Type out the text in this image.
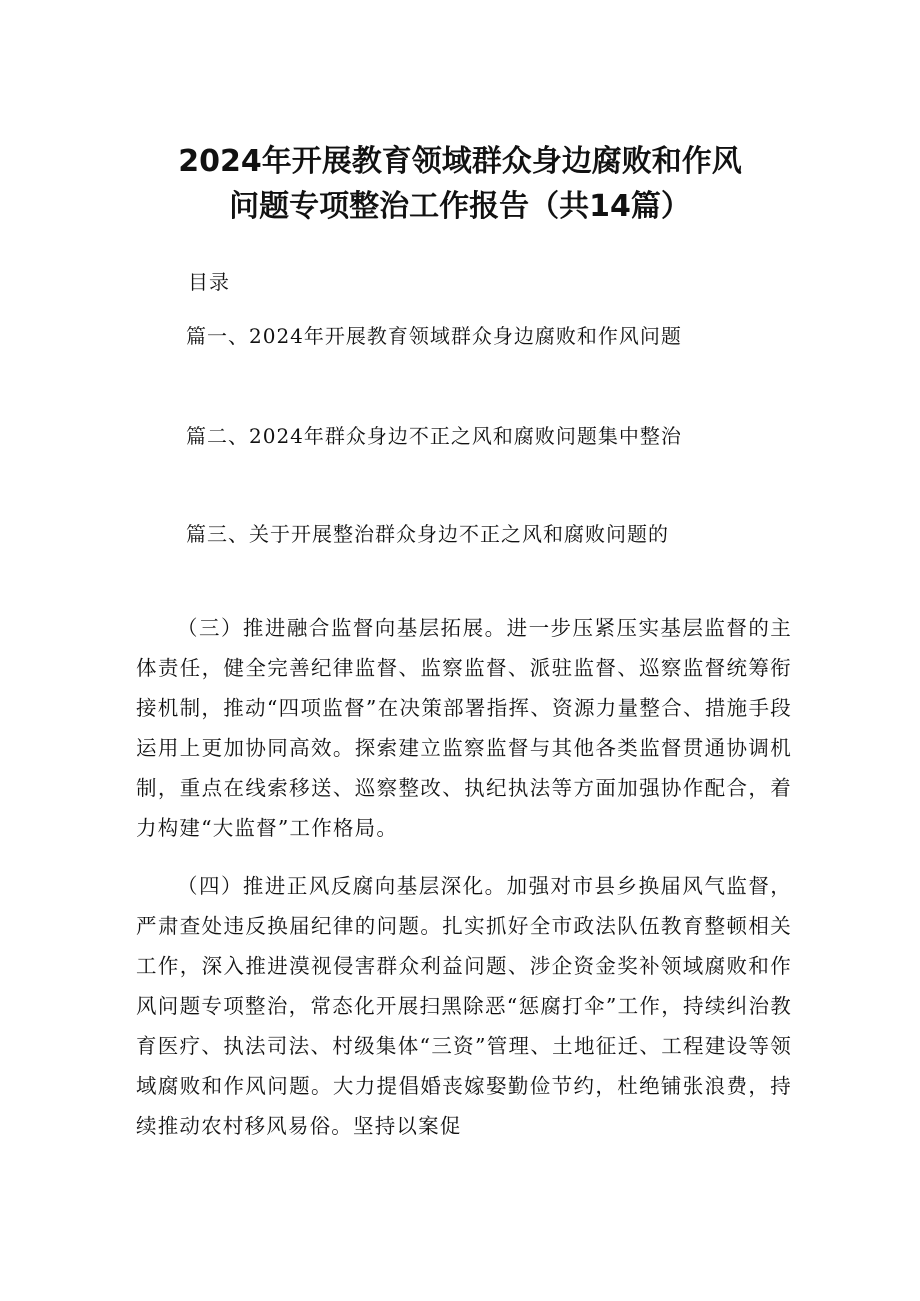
2024年开展教育领域群众身边腐败和作风
问题专项整治工作报告（共14篇）
目录
篇一、2024年开展教育领域群众身边腐败和作风问题
篇二、2024年群众身边不正之风和腐败问题集中整治
篇三、关于开展整治群众身边不正之风和腐败问题的

（三）推进融合监督向基层拓展。进一步压紧压实基层监督的主体责任，健全完善纪律监督、监察监督、派驻监督、巡察监督统筹衔接机制，推动“四项监督”在决策部署指挥、资源力量整合、措施手段运用上更加协同高效。探索建立监察监督与其他各类监督贯通协调机制，重点在线索移送、巡察整改、执纪执法等方面加强协作配合，着力构建“大监督”工作格局。

（四）推进正风反腐向基层深化。加强对市县乡换届风气监督，严肃查处违反换届纪律的问题。扎实抓好全市政法队伍教育整顿相关工作，深入推进漠视侵害群众利益问题、涉企资金奖补领域腐败和作风问题专项整治，常态化开展扫黑除恶“惩腐打伞”工作，持续纠治教育医疗、执法司法、村级集体“三资”管理、土地征迁、工程建设等领域腐败和作风问题。大力提倡婚丧嫁娶勤俭节约，杜绝铺张浪费，持续推动农村移风易俗。坚持以案促
